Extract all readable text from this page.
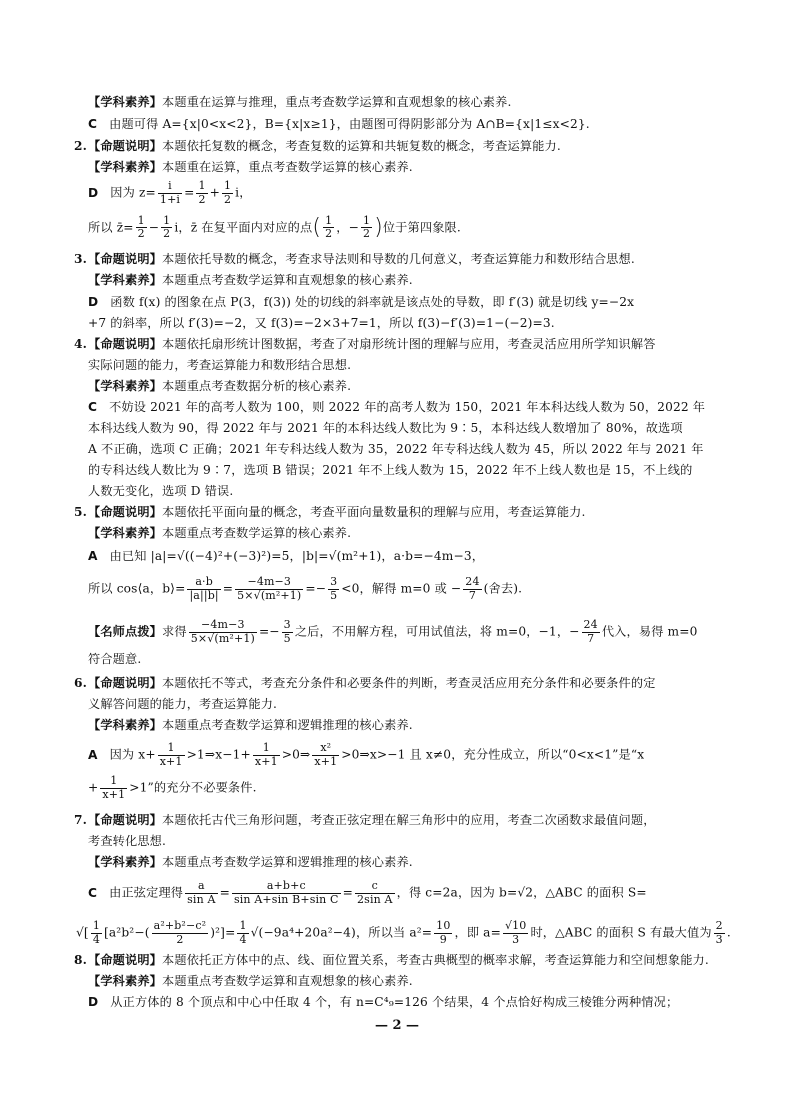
【学科素养】本题重在运算与推理，重点考查数学运算和直观想象的核心素养.
C 由题可得 A={x|0<x<2}，B={x|x≥1}，由题图可得阴影部分为 A∩B={x|1≤x<2}.
2. 【命题说明】本题依托复数的概念，考查复数的运算和共轭复数的概念，考查运算能力.
【学科素养】本题重在运算，重点考查数学运算的核心素养.
D 因为 $z= \frac{i}{1+i} = \frac{1}{2} + \frac{1}{2}$ i，
所以 z̄= $\frac{1}{2} - \frac{1}{2}$ i，z̄ 在复平面内对应的点( $\frac{1}{2}$ ，− $\frac{1}{2}$ )位于第四象限.
3. 【命题说明】本题依托导数的概念，考查求导法则和导数的几何意义，考查运算能力和数形结合思想.
【学科素养】本题重点考查数学运算和直观想象的核心素养.
D 函数 f(x) 的图象在点 P(3，f(3)) 处的切线的斜率就是该点处的导数，即 f′(3) 就是切线 y=−2x
+7 的斜率，所以 f′(3)=−2，又 f(3)=−2×3+7=1，所以 f(3)−f′(3)=1−(−2)=3.
4. 【命题说明】本题依托扇形统计图数据，考查了对扇形统计图的理解与应用，考查灵活应用所学知识解答
实际问题的能力，考查运算能力和数形结合思想.
【学科素养】本题重点考查数据分析的核心素养.
C 不妨设 2021 年的高考人数为 100，则 2022 年的高考人数为 150，2021 年本科达线人数为 50，2022 年
本科达线人数为 90，得 2022 年与 2021 年的本科达线人数比为 9∶5，本科达线人数增加了 80%，故选项
A 不正确，选项 C 正确；2021 年专科达线人数为 35，2022 年专科达线人数为 45，所以 2022 年与 2021 年
的专科达线人数比为 9∶7，选项 B 错误；2021 年不上线人数为 15，2022 年不上线人数也是 15，不上线的
人数无变化，选项 D 错误.
5. 【命题说明】本题依托平面向量的概念，考查平面向量数量积的理解与应用，考查运算能力.
【学科素养】本题重点考查数学运算的核心素养.
A 由已知 |a|=√((−4)²+(−3)²)=5，|b|=√(m²+1)，a·b=−4m−3，
所以 cos⟨a，b⟩= $\frac{a\cdot b}{|a||b|} = \frac{-4m-3}{\text{5×√(m²+1)}} =- \frac{3}{5} <0$，解得 m=0 或 − $\frac{24}{7}$ (舍去).
【名师点拨】求得 $\frac{-4m-3}{\text{5×√(m²+1)}} =- \frac{3}{5}$ 之后，不用解方程，可用试值法，将 m=0，−1，− $\frac{24}{7}$ 代入，易得 m=0
符合题意.
6. 【命题说明】本题依托不等式，考查充分条件和必要条件的判断，考查灵活应用充分条件和必要条件的定
义解答问题的能力，考查运算能力.
【学科素养】本题重点考查数学运算和逻辑推理的核心素养.
A 因为 $x+ \frac{1}{x+1}$ >1⇒x−1+ $\frac{1}{x+1}$ >0⇒ $\frac{\text{x²}}{x+1}$ >0⇒x>−1 且 x≠0，充分性成立，所以“0<x<1”是“x
+ $\frac{1}{x+1} >1$”的充分不必要条件.
7. 【命题说明】本题依托古代三角形问题，考查正弦定理在解三角形中的应用，考查二次函数求最值问题，
考查转化思想.
【学科素养】本题重点考查数学运算和逻辑推理的核心素养.
C 由正弦定理得 $\frac{a}{\text{sin A}} = \frac{a+b+c}{\text{sin A+sin B+sin C}} = \frac{c}{\text{2sin A}}$ ，得 c=2a，因为 b=√2，△ABC 的面积 S=
√[ $\frac{1}{4} [a^2b^2-( \frac{\text{a²+b²−c²}}{2} )^2]= \frac{1}{4} √(-9a^4+20a^2-4)$，所以当 $a^2= \frac{10}{9}$ ，即 $a= \frac{√10}{3}$ 时，△ABC 的面积 S 有最大值为 $\frac{2}{3}$ .
8. 【命题说明】本题依托正方体中的点、线、面位置关系，考查古典概型的概率求解，考查运算能力和空间想象能力.
【学科素养】本题重点考查数学运算和直观想象的核心素养.
D 从正方体的 8 个顶点和中心中任取 4 个，有 n=C⁴₉=126 个结果，4 个点恰好构成三棱锥分两种情况；
— 2 —
